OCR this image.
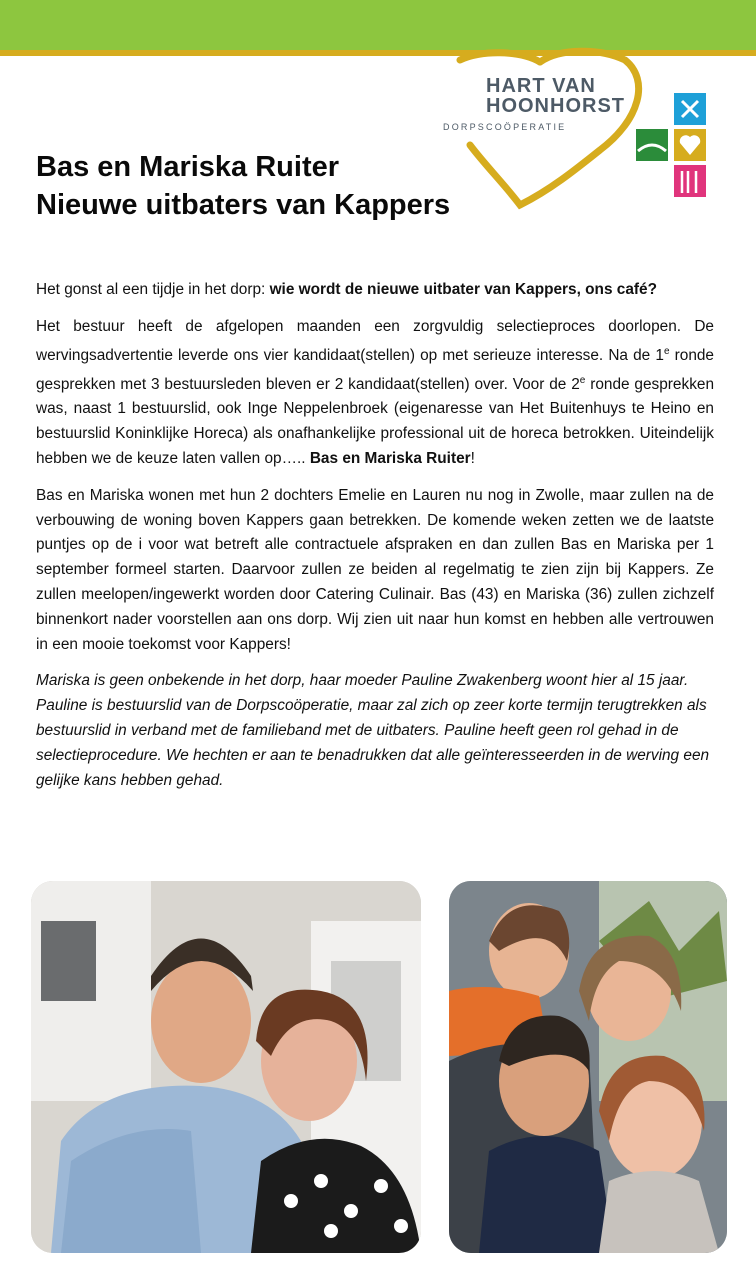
HART VAN
HOONHORST
DORPSCOÖPERATIE
Bas en Mariska Ruiter
Nieuwe uitbaters van Kappers

Het gonst al een tijdje in het dorp: wie wordt de nieuwe uitbater van Kappers, ons café?

Het bestuur heeft de afgelopen maanden een zorgvuldig selectieproces doorlopen. De wervingsadvertentie leverde ons vier kandidaat(stellen) op met serieuze interesse. Na de 1e ronde gesprekken met 3 bestuursleden bleven er 2 kandidaat(stellen) over. Voor de 2e ronde gesprekken was, naast 1 bestuurslid, ook Inge Neppelenbroek (eigenaresse van Het Buitenhuys te Heino en bestuurslid Koninklijke Horeca) als onafhankelijke professional uit de horeca betrokken. Uiteindelijk hebben we de keuze laten vallen op….. Bas en Mariska Ruiter!

Bas en Mariska wonen met hun 2 dochters Emelie en Lauren nu nog in Zwolle, maar zullen na de verbouwing de woning boven Kappers gaan betrekken. De komende weken zetten we de laatste puntjes op de i voor wat betreft alle contractuele afspraken en dan zullen Bas en Mariska per 1 september formeel starten. Daarvoor zullen ze beiden al regelmatig te zien zijn bij Kappers. Ze zullen meelopen/ingewerkt worden door Catering Culinair. Bas (43) en Mariska (36) zullen zichzelf binnenkort nader voorstellen aan ons dorp. Wij zien uit naar hun komst en hebben alle vertrouwen in een mooie toekomst voor Kappers!

Mariska is geen onbekende in het dorp, haar moeder Pauline Zwakenberg woont hier al 15 jaar. Pauline is bestuurslid van de Dorpscoöperatie, maar zal zich op zeer korte termijn terugtrekken als bestuurslid in verband met de familieband met de uitbaters. Pauline heeft geen rol gehad in de selectieprocedure. We hechten er aan te benadrukken dat alle geïnteresseerden in de werving een gelijke kans hebben gehad.
